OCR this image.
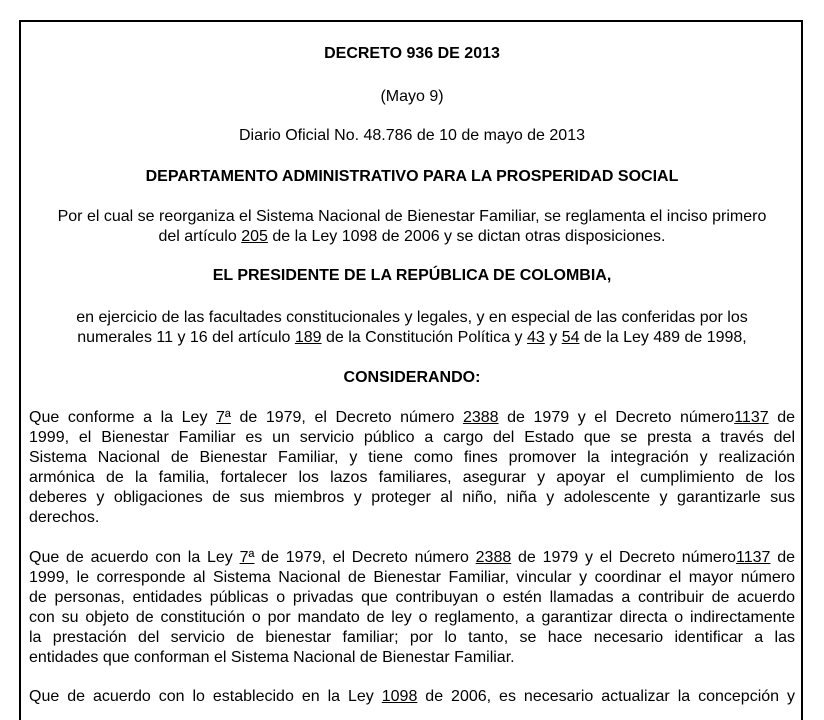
DECRETO 936 DE 2013
(Mayo 9)
Diario Oficial No. 48.786 de 10 de mayo de 2013
DEPARTAMENTO ADMINISTRATIVO PARA LA PROSPERIDAD SOCIAL
Por el cual se reorganiza el Sistema Nacional de Bienestar Familiar, se reglamenta el inciso primero
del artículo 205 de la Ley 1098 de 2006 y se dictan otras disposiciones.
EL PRESIDENTE DE LA REPÚBLICA DE COLOMBIA,
en ejercicio de las facultades constitucionales y legales, y en especial de las conferidas por los
numerales 11 y 16 del artículo 189 de la Constitución Política y 43 y 54 de la Ley 489 de 1998,
CONSIDERANDO:
Que conforme a la Ley 7ª de 1979, el Decreto número 2388 de 1979 y el Decreto número1137 de
1999, el Bienestar Familiar es un servicio público a cargo del Estado que se presta a través del
Sistema Nacional de Bienestar Familiar, y tiene como fines promover la integración y realización
armónica de la familia, fortalecer los lazos familiares, asegurar y apoyar el cumplimiento de los
deberes y obligaciones de sus miembros y proteger al niño, niña y adolescente y garantizarle sus
derechos.
Que de acuerdo con la Ley 7ª de 1979, el Decreto número 2388 de 1979 y el Decreto número1137 de
1999, le corresponde al Sistema Nacional de Bienestar Familiar, vincular y coordinar el mayor número
de personas, entidades públicas o privadas que contribuyan o estén llamadas a contribuir de acuerdo
con su objeto de constitución o por mandato de ley o reglamento, a garantizar directa o indirectamente
la prestación del servicio de bienestar familiar; por lo tanto, se hace necesario identificar a las
entidades que conforman el Sistema Nacional de Bienestar Familiar.
Que de acuerdo con lo establecido en la Ley 1098 de 2006, es necesario actualizar la concepción y
